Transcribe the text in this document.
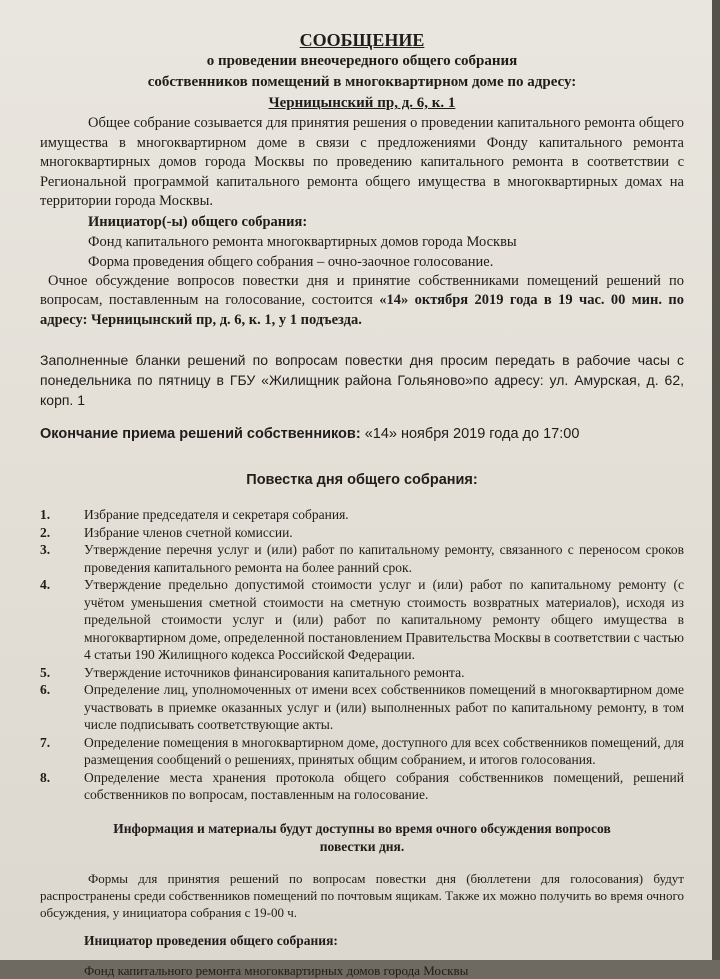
СООБЩЕНИЕ
о проведении внеочередного общего собрания
собственников помещений в многоквартирном доме по адресу:
Черницынский пр, д. 6, к. 1

Общее собрание созывается для принятия решения о проведении капитального ремонта общего имущества в многоквартирном доме в связи с предложениями Фонду капитального ремонта многоквартирных домов города Москвы по проведению капитального ремонта в соответствии с Региональной программой капитального ремонта общего имущества в многоквартирных домах на территории города Москвы.

Инициатор(-ы) общего собрания:
Фонд капитального ремонта многоквартирных домов города Москвы
Форма проведения общего собрания – очно-заочное голосование.

Очное обсуждение вопросов повестки дня и принятие собственниками помещений решений по вопросам, поставленным на голосование, состоится «14» октября 2019 года в 19 час. 00 мин. по адресу: Черницынский пр, д. 6, к. 1, у 1 подъезда.

Заполненные бланки решений по вопросам повестки дня просим передать в рабочие часы с понедельника по пятницу в ГБУ «Жилищник района Гольяново»по адресу: ул. Амурская, д. 62, корп. 1

Окончание приема решений собственников: «14» ноября 2019 года до 17:00
Повестка дня общего собрания:
1.	Избрание председателя и секретаря собрания.
2.	Избрание членов счетной комиссии.
3.	Утверждение перечня услуг и (или) работ по капитальному ремонту, связанного с переносом сроков проведения капитального ремонта на более ранний срок.
4.	Утверждение предельно допустимой стоимости услуг и (или) работ по капитальному ремонту (с учётом уменьшения сметной стоимости на сметную стоимость возвратных материалов), исходя из предельной стоимости услуг и (или) работ по капитальному ремонту общего имущества в многоквартирном доме, определенной постановлением Правительства Москвы в соответствии с частью 4 статьи 190 Жилищного кодекса Российской Федерации.
5.	Утверждение источников финансирования капитального ремонта.
6.	Определение лиц, уполномоченных от имени всех собственников помещений в многоквартирном доме участвовать в приемке оказанных услуг и (или) выполненных работ по капитальному ремонту, в том числе подписывать соответствующие акты.
7.	Определение помещения в многоквартирном доме, доступного для всех собственников помещений, для размещения сообщений о решениях, принятых общим собранием, и итогов голосования.
8.	Определение места хранения протокола общего собрания собственников помещений, решений собственников по вопросам, поставленным на голосование.
Информация и материалы будут доступны во время очного обсуждения вопросов повестки дня.

Формы для принятия решений по вопросам повестки дня (бюллетени для голосования) будут распространены среди собственников помещений по почтовым ящикам. Также их можно получить во время очного обсуждения, у инициатора собрания с 19-00 ч.

Инициатор проведения общего собрания:
Фонд капитального ремонта многоквартирных домов города Москвы
